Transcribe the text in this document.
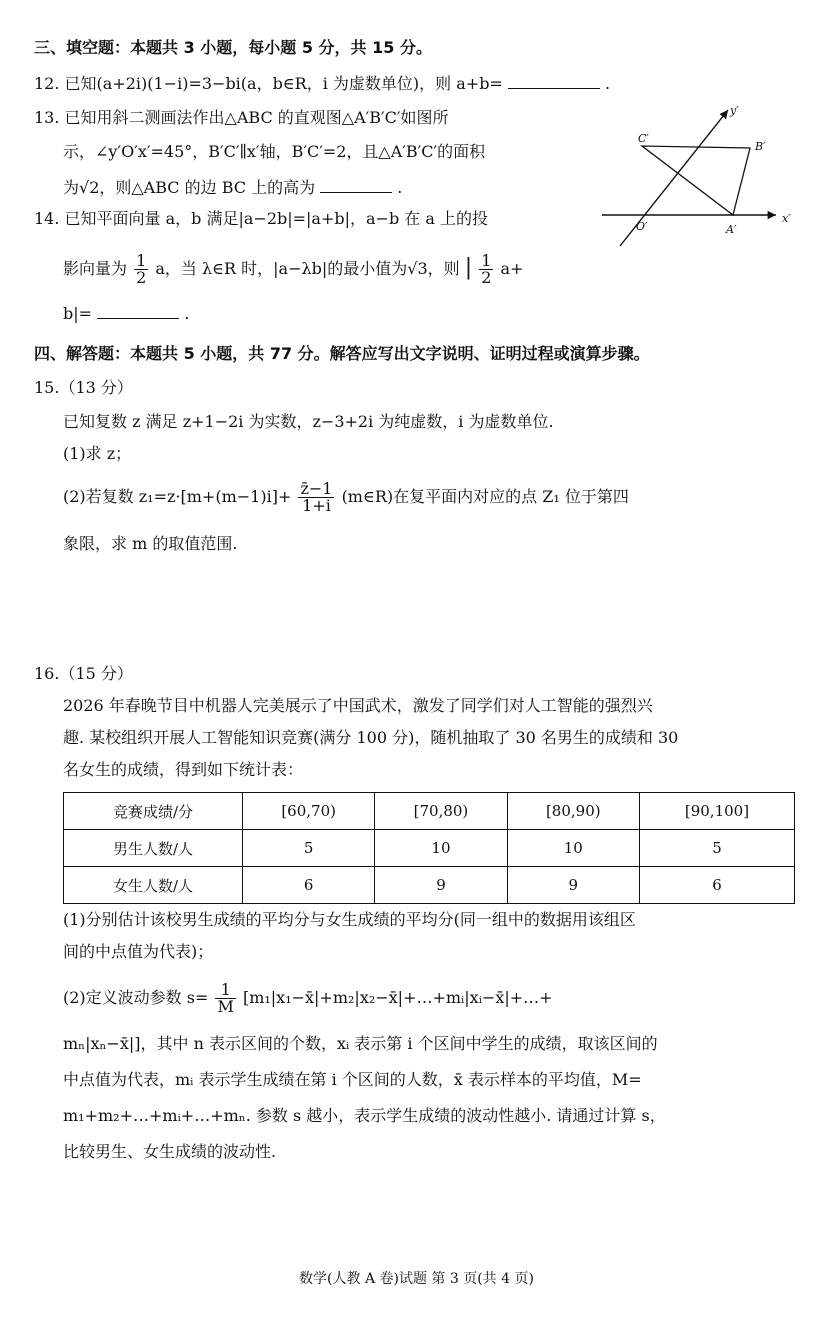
三、填空题：本题共 3 小题，每小题 5 分，共 15 分。
12. 已知(a+2i)(1−i)=3−bi(a，b∈R，i 为虚数单位)，则 a+b=	.
13. 已知用斜二测画法作出△ABC 的直观图△A′B′C′如图所
示，∠y′O′x′=45°，B′C′∥x′轴，B′C′=2，且△A′B′C′的面积
为√2，则△ABC 的边 BC 上的高为	.
y′
x′
O′	A′
B′
C′
14. 已知平面向量 a，b 满足|a−2b|=|a+b|，a−b 在 a 上的投
影向量为 $\frac{1}{2}$ a，当 λ∈R 时，|a−λb|的最小值为√3，则 | $\frac{1}{2} a+$
b|=	.
四、解答题：本题共 5 小题，共 77 分。解答应写出文字说明、证明过程或演算步骤。
15.（13 分）
已知复数 z 满足 z+1−2i 为实数，z−3+2i 为纯虚数，i 为虚数单位.
(1)求 z；
(2)若复数 $z_1=z\cdot[m+(m-1)i]+ \frac{z̄-1}{1+i}$ (m∈R)在复平面内对应的点 Z₁ 位于第四
象限，求 m 的取值范围.
16.（15 分）
2026 年春晚节目中机器人完美展示了中国武术，激发了同学们对人工智能的强烈兴
趣. 某校组织开展人工智能知识竞赛(满分 100 分)，随机抽取了 30 名男生的成绩和 30
名女生的成绩，得到如下统计表：
竞赛成绩/分	[60,70)	[70,80)	[80,90)	[90,100]
男生人数/人	5	10	10	5
女生人数/人	6	9	9	6
(1)分别估计该校男生成绩的平均分与女生成绩的平均分(同一组中的数据用该组区
间的中点值为代表)；
(2)定义波动参数 $s= \frac{1}{M}$ [m₁|x₁−x̄|+m₂|x₂−x̄|+…+mᵢ|xᵢ−x̄|+…+
mₙ|xₙ−x̄|]，其中 n 表示区间的个数，xᵢ 表示第 i 个区间中学生的成绩，取该区间的
中点值为代表，mᵢ 表示学生成绩在第 i 个区间的人数，x̄ 表示样本的平均值，M=
m₁+m₂+…+mᵢ+…+mₙ. 参数 s 越小，表示学生成绩的波动性越小. 请通过计算 s，
比较男生、女生成绩的波动性.
数学(人教 A 卷)试题 第 3 页(共 4 页)
